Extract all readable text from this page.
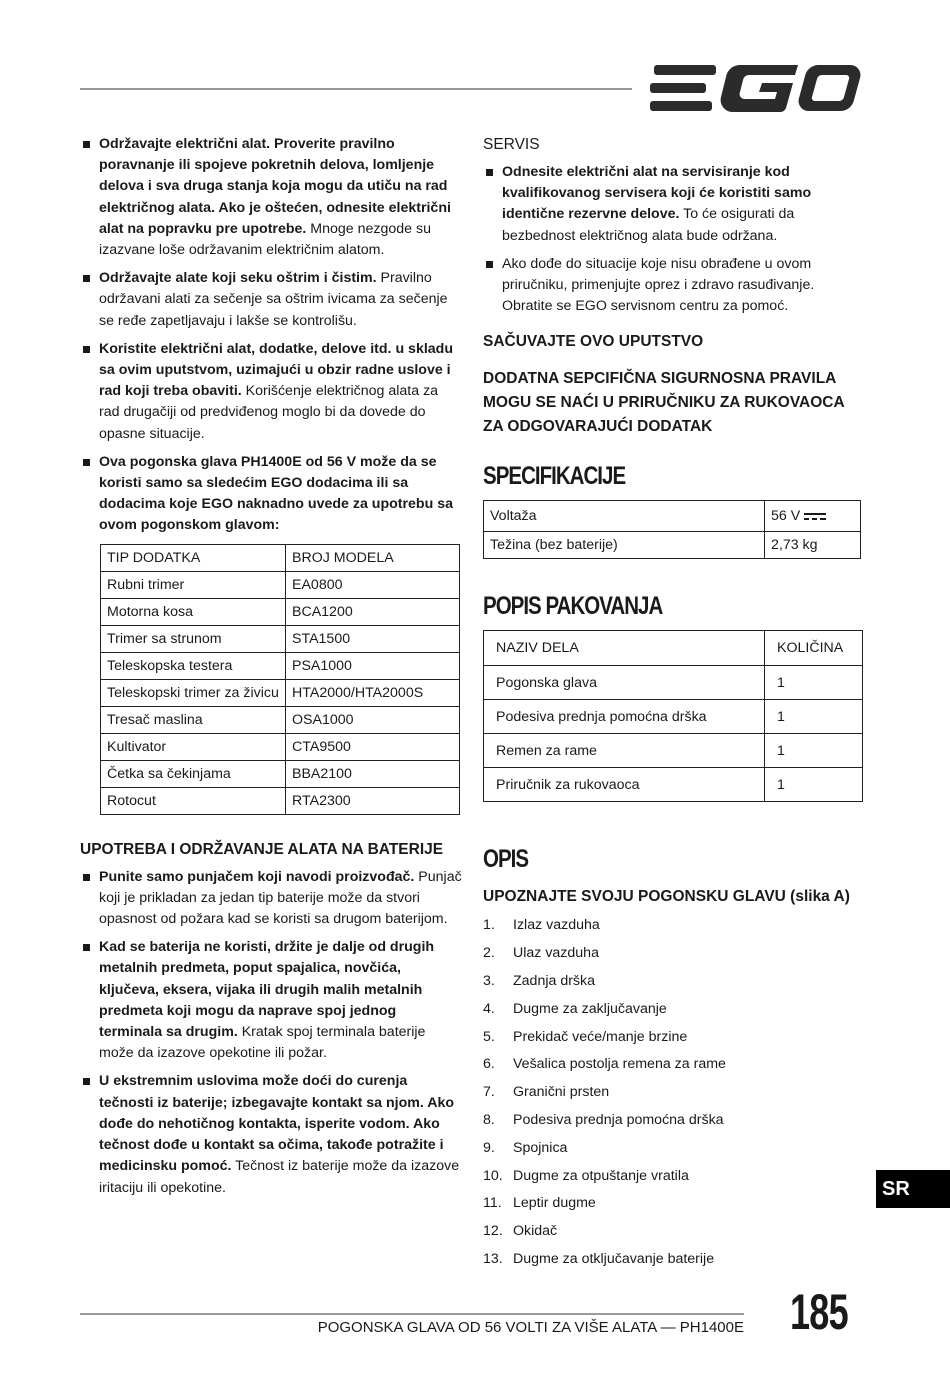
Održavajte električni alat. Proverite pravilno poravnanje ili spojeve pokretnih delova, lomljenje delova i sva druga stanja koja mogu da utiču na rad električnog alata. Ako je oštećen, odnesite električni alat na popravku pre upotrebe. Mnoge nezgode su izazvane loše održavanim električnim alatom.
Održavajte alate koji seku oštrim i čistim. Pravilno održavani alati za sečenje sa oštrim ivicama za sečenje se ređe zapetljavaju i lakše se kontrolišu.
Koristite električni alat, dodatke, delove itd. u skladu sa ovim uputstvom, uzimajući u obzir radne uslove i rad koji treba obaviti. Korišćenje električnog alata za rad drugačiji od predviđenog moglo bi da dovede do opasne situacije.
Ova pogonska glava PH1400E od 56 V može da se koristi samo sa sledećim EGO dodacima ili sa dodacima koje EGO naknadno uvede za upotrebu sa ovom pogonskom glavom:
TIP DODATKA	BROJ MODELA
Rubni trimer	EA0800
Motorna kosa	BCA1200
Trimer sa strunom	STA1500
Teleskopska testera	PSA1000
Teleskopski trimer za živicu	HTA2000/HTA2000S
Tresač maslina	OSA1000
Kultivator	CTA9500
Četka sa čekinjama	BBA2100
Rotocut	RTA2300
UPOTREBA I ODRŽAVANJE ALATA NA BATERIJE
Punite samo punjačem koji navodi proizvođač. Punjač koji je prikladan za jedan tip baterije može da stvori opasnost od požara kad se koristi sa drugom baterijom.
Kad se baterija ne koristi, držite je dalje od drugih metalnih predmeta, poput spajalica, novčića, ključeva, eksera, vijaka ili drugih malih metalnih predmeta koji mogu da naprave spoj jednog terminala sa drugim. Kratak spoj terminala baterije može da izazove opekotine ili požar.
U ekstremnim uslovima može doći do curenja tečnosti iz baterije; izbegavajte kontakt sa njom. Ako dođe do nehotičnog kontakta, isperite vodom. Ako tečnost dođe u kontakt sa očima, takođe potražite i medicinsku pomoć. Tečnost iz baterije može da izazove iritaciju ili opekotine.
SERVIS
Odnesite električni alat na servisiranje kod kvalifikovanog servisera koji će koristiti samo identične rezervne delove. To će osigurati da bezbednost električnog alata bude održana.
Ako dođe do situacije koje nisu obrađene u ovom priručniku, primenjujte oprez i zdravo rasuđivanje. Obratite se EGO servisnom centru za pomoć.
SAČUVAJTE OVO UPUTSTVO
DODATNA SEPCIFIČNA SIGURNOSNA PRAVILA MOGU SE NAĆI U PRIRUČNIKU ZA RUKOVAOCA ZA ODGOVARAJUĆI DODATAK
SPECIFIKACIJE
Voltaža	56 V
Težina (bez baterije)	2,73 kg
POPIS PAKOVANJA
NAZIV DELA	KOLIČINA
Pogonska glava	1
Podesiva prednja pomoćna drška	1
Remen za rame	1
Priručnik za rukovaoca	1
OPIS
UPOZNAJTE SVOJU POGONSKU GLAVU (slika A)
1.	Izlaz vazduha
2.	Ulaz vazduha
3.	Zadnja drška
4.	Dugme za zaključavanje
5.	Prekidač veće/manje brzine
6.	Vešalica postolja remena za rame
7.	Granični prsten
8.	Podesiva prednja pomoćna drška
9.	Spojnica
10. Dugme za otpuštanje vratila
11. Leptir dugme
12. Okidač
13. Dugme za otključavanje baterije
SR
POGONSKA GLAVA OD 56 VOLTI ZA VIŠE ALATA — PH1400E 185
